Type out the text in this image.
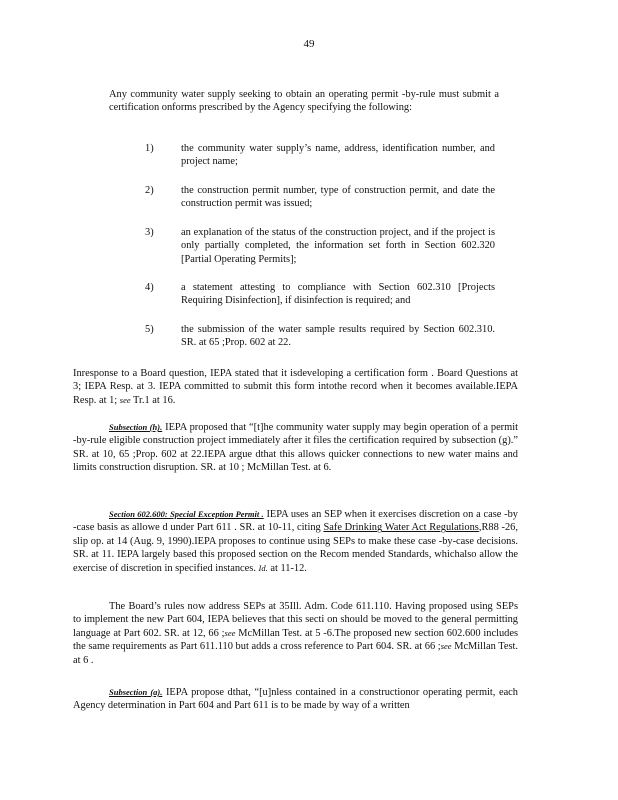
49
Any community water supply seeking to obtain an operating permit -by-rule must submit a certification onforms prescribed by the Agency specifying the following:
1)	the community water supply’s name, address, identification number, and project name;
2)	the construction permit number, type of construction permit, and date the construction permit was issued;
3)	an explanation of the status of the construction project, and if the project is only partially completed, the information set forth in Section 602.320 [Partial Operating Permits];
4)	a statement attesting to compliance with Section 602.310 [Projects Requiring Disinfection], if disinfection is required; and
5)	the submission of the water sample results required by Section 602.310. SR. at 65 ;Prop. 602 at 22.
Inresponse to a Board question, IEPA stated that it isdeveloping a certification form . Board Questions at 3; IEPA Resp. at 3. IEPA committed to submit this form intothe record when it becomes available.IEPA Resp. at 1; see Tr.1 at 16.
Subsection (h). IEPA proposed that “[t]he community water supply may begin operation of a permit -by-rule eligible construction project immediately after it files the certification required by subsection (g).” SR. at 10, 65 ;Prop. 602 at 22.IEPA argue dthat this allows quicker connections to new water mains and limits construction disruption. SR. at 10 ; McMillan Test. at 6.
Section 602.600: Special Exception Permit . IEPA uses an SEP when it exercises discretion on a case -by -case basis as allowe d under Part 611 . SR. at 10-11, citing Safe Drinking Water Act Regulations,R88 -26, slip op. at 14 (Aug. 9, 1990).IEPA proposes to continue using SEPs to make these case -by-case decisions. SR. at 11. IEPA largely based this proposed section on the Recom mended Standards, whichalso allow the exercise of discretion in specified instances. Id. at 11-12.
The Board’s rules now address SEPs at 35Ill. Adm. Code 611.110. Having proposed using SEPs to implement the new Part 604, IEPA believes that this secti on should be moved to the general permitting language at Part 602. SR. at 12, 66 ;see McMillan Test. at 5 -6.The proposed new section 602.600 includes the same requirements as Part 611.110 but adds a cross reference to Part 604. SR. at 66 ;see McMillan Test. at 6 .
Subsection (a). IEPA propose dthat, “[u]nless contained in a constructionor operating permit, each Agency determination in Part 604 and Part 611 is to be made by way of a written
